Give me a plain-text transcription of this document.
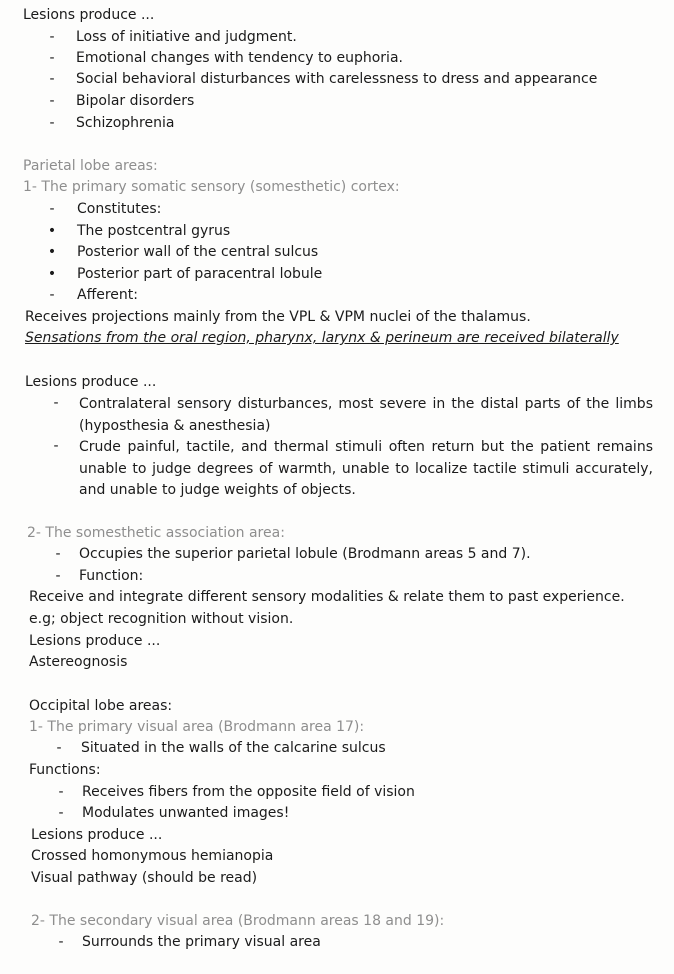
Lesions produce ...
- Loss of initiative and judgment.
- Emotional changes with tendency to euphoria.
- Social behavioral disturbances with carelessness to dress and appearance
- Bipolar disorders
- Schizophrenia
Parietal lobe areas:
1- The primary somatic sensory (somesthetic) cortex:
- Constitutes:
• The postcentral gyrus
• Posterior wall of the central sulcus
• Posterior part of paracentral lobule
- Afferent:
Receives projections mainly from the VPL & VPM nuclei of the thalamus.
Sensations from the oral region, pharynx, larynx & perineum are received bilaterally
Lesions produce ...
- Contralateral sensory disturbances, most severe in the distal parts of the limbs (hyposthesia & anesthesia)
- Crude painful, tactile, and thermal stimuli often return but the patient remains unable to judge degrees of warmth, unable to localize tactile stimuli accurately, and unable to judge weights of objects.
2- The somesthetic association area:
- Occupies the superior parietal lobule (Brodmann areas 5 and 7).
- Function:
Receive and integrate different sensory modalities & relate them to past experience.
e.g; object recognition without vision.
Lesions produce ...
Astereognosis
Occipital lobe areas:
1- The primary visual area (Brodmann area 17):
- Situated in the walls of the calcarine sulcus
Functions:
- Receives fibers from the opposite field of vision
- Modulates unwanted images!
Lesions produce ...
Crossed homonymous hemianopia
Visual pathway (should be read)
2- The secondary visual area (Brodmann areas 18 and 19):
- Surrounds the primary visual area
